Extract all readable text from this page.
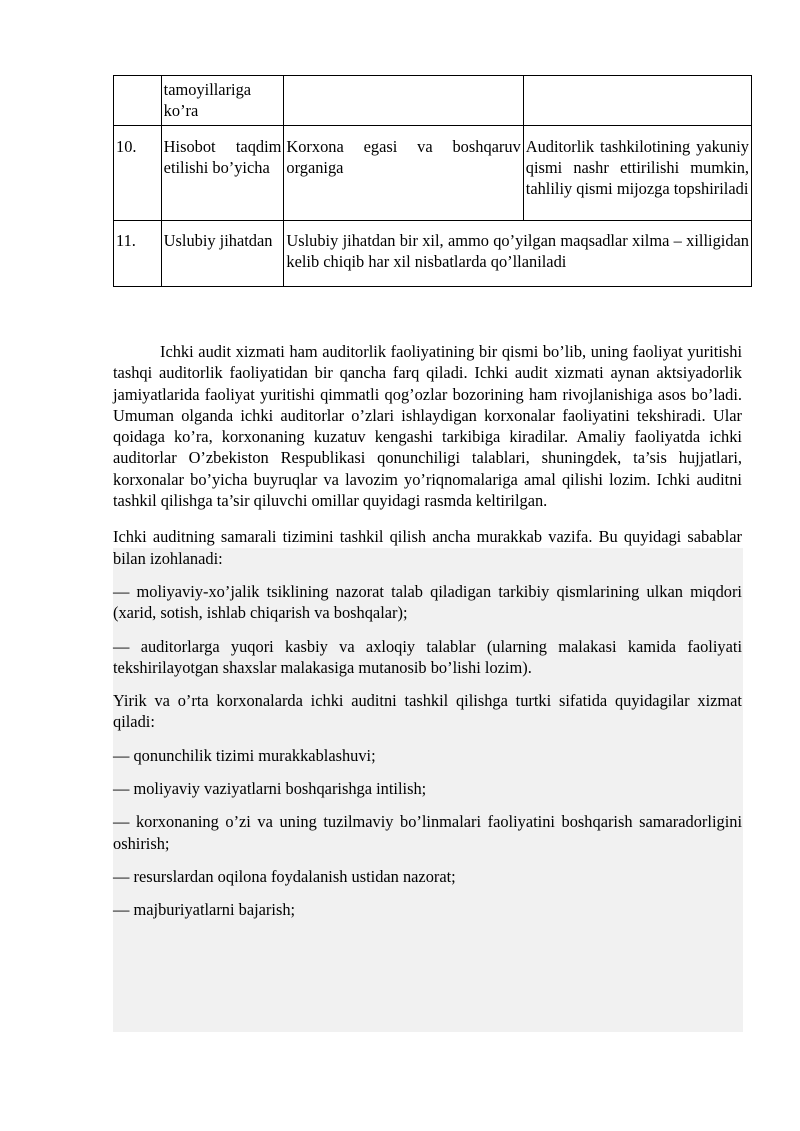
	tamoyillariga ko’ra		
10.	Hisobot taqdim etilishi bo’yicha	Korxona egasi va boshqaruv organiga	Auditorlik tashkilotining yakuniy qismi nashr ettirilishi mumkin, tahliliy qismi mijozga topshiriladi
11.	Uslubiy jihatdan	Uslubiy jihatdan bir xil, ammo qo’yilgan maqsadlar xilma – xilligidan kelib chiqib har xil nisbatlarda qo’llaniladi	

Ichki audit xizmati ham auditorlik faoliyatining bir qismi bo’lib, uning faoliyat yuritishi tashqi auditorlik faoliyatidan bir qancha farq qiladi. Ichki audit xizmati aynan aktsiyadorlik jamiyatlarida faoliyat yuritishi qimmatli qog’ozlar bozorining ham rivojlanishiga asos bo’ladi. Umuman olganda ichki auditorlar o’zlari ishlaydigan korxonalar faoliyatini tekshiradi. Ular qoidaga ko’ra, korxonaning kuzatuv kengashi tarkibiga kiradilar. Amaliy faoliyatda ichki auditorlar O’zbekiston Respublikasi qonunchiligi talablari, shuningdek, ta’sis hujjatlari, korxonalar bo’yicha buyruqlar va lavozim yo’riqnomalariga amal qilishi lozim. Ichki auditni tashkil qilishga ta’sir qiluvchi omillar quyidagi rasmda keltirilgan.

Ichki auditning samarali tizimini tashkil qilish ancha murakkab vazifa. Bu quyidagi sabablar bilan izohlanadi:

— moliyaviy-xo’jalik tsiklining nazorat talab qiladigan tarkibiy qismlarining ulkan miqdori (xarid, sotish, ishlab chiqarish va boshqalar);

— auditorlarga yuqori kasbiy va axloqiy talablar (ularning malakasi kamida faoliyati tekshirilayotgan shaxslar malakasiga mutanosib bo’lishi lozim).

Yirik va o’rta korxonalarda ichki auditni tashkil qilishga turtki sifatida quyidagilar xizmat qiladi:

— qonunchilik tizimi murakkablashuvi;

— moliyaviy vaziyatlarni boshqarishga intilish;

— korxonaning o’zi va uning tuzilmaviy bo’linmalari faoliyatini boshqarish samaradorligini oshirish;

— resurslardan oqilona foydalanish ustidan nazorat;

— majburiyatlarni bajarish;
